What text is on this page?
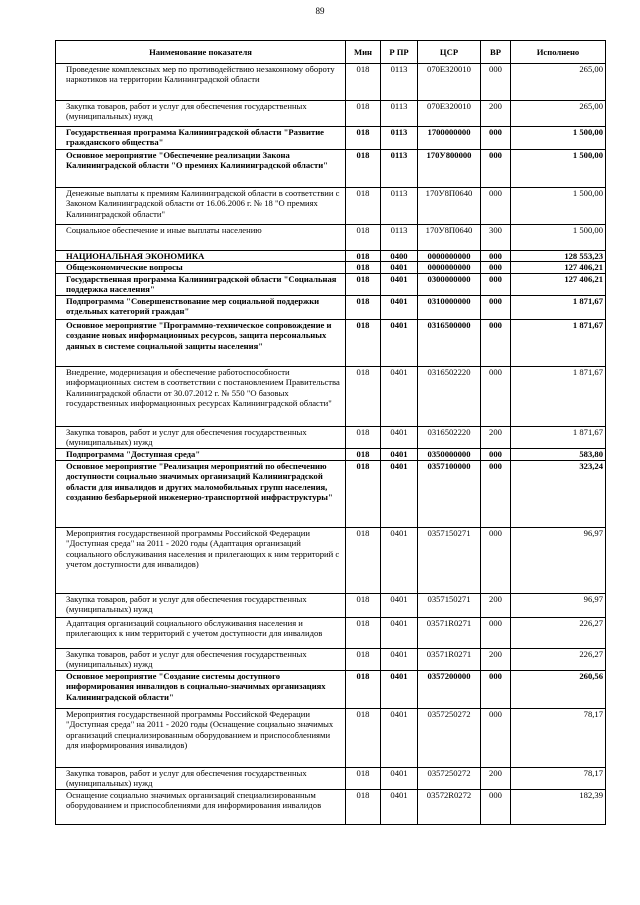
89
Наименование показателя	Мин	Р ПР	ЦСР	ВР	Исполнено
Проведение комплексных мер по противодействию незаконному обороту наркотиков на территории Калининградской области	018	0113	070E320010	000	265,00
Закупка товаров, работ и услуг для обеспечения государственных (муниципальных) нужд	018	0113	070E320010	200	265,00
Государственная программа Калининградской области "Развитие гражданского общества"	018	0113	1700000000	000	1 500,00
Основное мероприятие "Обеспечение реализации Закона Калининградской области "О премиях Калининградской области"	018	0113	170У800000	000	1 500,00
Денежные выплаты к премиям Калининградской области в соответствии с Законом Калининградской области от 16.06.2006 г. № 18 "О премиях Калининградской области"	018	0113	170У8П0640	000	1 500,00
Социальное обеспечение и иные выплаты населению	018	0113	170У8П0640	300	1 500,00
НАЦИОНАЛЬНАЯ ЭКОНОМИКА	018	0400	0000000000	000	128 553,23
Общеэкономические вопросы	018	0401	0000000000	000	127 406,21
Государственная программа Калининградской области "Социальная поддержка населения"	018	0401	0300000000	000	127 406,21
Подпрограмма "Совершенствование мер социальной поддержки отдельных категорий граждан"	018	0401	0310000000	000	1 871,67
Основное мероприятие "Программно-техническое сопровождение и создание новых информационных ресурсов, защита персональных данных в системе социальной защиты населения"	018	0401	0316500000	000	1 871,67
Внедрение, модернизация и обеспечение работоспособности информационных систем в соответствии с постановлением Правительства Калининградской области от 30.07.2012 г. № 550 "О базовых государственных информационных ресурсах Калининградской области"	018	0401	0316502220	000	1 871,67
Закупка товаров, работ и услуг для обеспечения государственных (муниципальных) нужд	018	0401	0316502220	200	1 871,67
Подпрограмма "Доступная среда"	018	0401	0350000000	000	583,80
Основное мероприятие "Реализация мероприятий по обеспечению доступности социально значимых организаций Калининградской области для инвалидов и других маломобильных групп населения, созданию безбарьерной инженерно-транспортной инфраструктуры"	018	0401	0357100000	000	323,24
Мероприятия государственной программы Российской Федерации "Доступная среда" на 2011 - 2020 годы (Адаптация организаций социального обслуживания населения и прилегающих к ним территорий с учетом доступности для инвалидов)	018	0401	0357150271	000	96,97
Закупка товаров, работ и услуг для обеспечения государственных (муниципальных) нужд	018	0401	0357150271	200	96,97
Адаптация организаций социального обслуживания населения и прилегающих к ним территорий с учетом доступности для инвалидов	018	0401	03571R0271	000	226,27
Закупка товаров, работ и услуг для обеспечения государственных (муниципальных) нужд	018	0401	03571R0271	200	226,27
Основное мероприятие "Создание системы доступного информирования инвалидов в социально-значимых организациях Калининградской области"	018	0401	0357200000	000	260,56
Мероприятия государственной программы Российской Федерации "Доступная среда" на 2011 - 2020 годы (Оснащение социально значимых организаций специализированным оборудованием и приспособлениями для информирования инвалидов)	018	0401	0357250272	000	78,17
Закупка товаров, работ и услуг для обеспечения государственных (муниципальных) нужд	018	0401	0357250272	200	78,17
Оснащение социально значимых организаций специализированным оборудованием и приспособлениями для информирования инвалидов	018	0401	03572R0272	000	182,39
